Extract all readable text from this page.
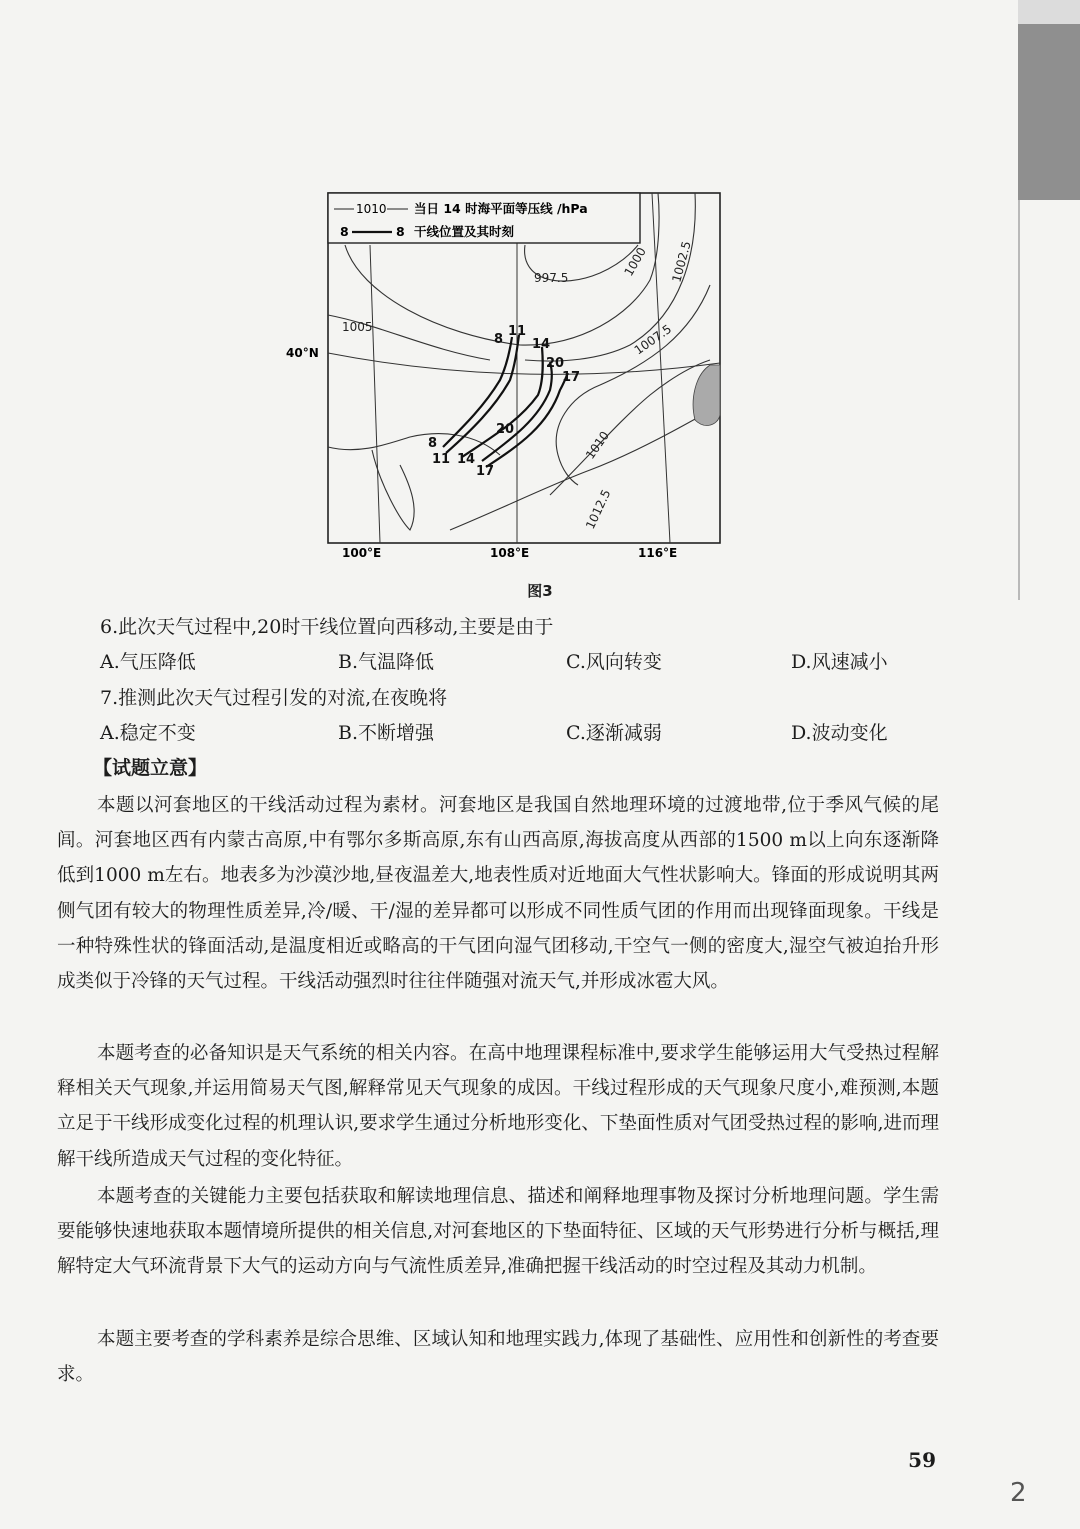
1010 当日 14 时海平面等压线 /hPa
8	8 干线位置及其时刻
997.5	1000 1002.5
1005	1007.5
1010
1012.5
8
11
14
20
17
8
11 14
20
17
40°N
100°E	108°E	116°E
图3
6.此次天气过程中,20时干线位置向西移动,主要是由于
A.气压降低	B.气温降低	C.风向转变	D.风速减小
7.推测此次天气过程引发的对流,在夜晚将
A.稳定不变	B.不断增强	C.逐渐减弱	D.波动变化
【试题立意】
本题以河套地区的干线活动过程为素材。河套地区是我国自然地理环境的过渡地带,位于季风气候的尾闾。河套地区西有内蒙古高原,中有鄂尔多斯高原,东有山西高原,海拔高度从西部的1500 m以上向东逐渐降低到1000 m左右。地表多为沙漠沙地,昼夜温差大,地表性质对近地面大气性状影响大。锋面的形成说明其两侧气团有较大的物理性质差异,冷/暖、干/湿的差异都可以形成不同性质气团的作用而出现锋面现象。干线是一种特殊性状的锋面活动,是温度相近或略高的干气团向湿气团移动,干空气一侧的密度大,湿空气被迫抬升形成类似于冷锋的天气过程。干线活动强烈时往往伴随强对流天气,并形成冰雹大风。
本题考查的必备知识是天气系统的相关内容。在高中地理课程标准中,要求学生能够运用大气受热过程解释相关天气现象,并运用简易天气图,解释常见天气现象的成因。干线过程形成的天气现象尺度小,难预测,本题立足于干线形成变化过程的机理认识,要求学生通过分析地形变化、下垫面性质对气团受热过程的影响,进而理解干线所造成天气过程的变化特征。
本题考查的关键能力主要包括获取和解读地理信息、描述和阐释地理事物及探讨分析地理问题。学生需要能够快速地获取本题情境所提供的相关信息,对河套地区的下垫面特征、区域的天气形势进行分析与概括,理解特定大气环流背景下大气的运动方向与气流性质差异,准确把握干线活动的时空过程及其动力机制。
本题主要考查的学科素养是综合思维、区域认知和地理实践力,体现了基础性、应用性和创新性的考查要求。
59
2
